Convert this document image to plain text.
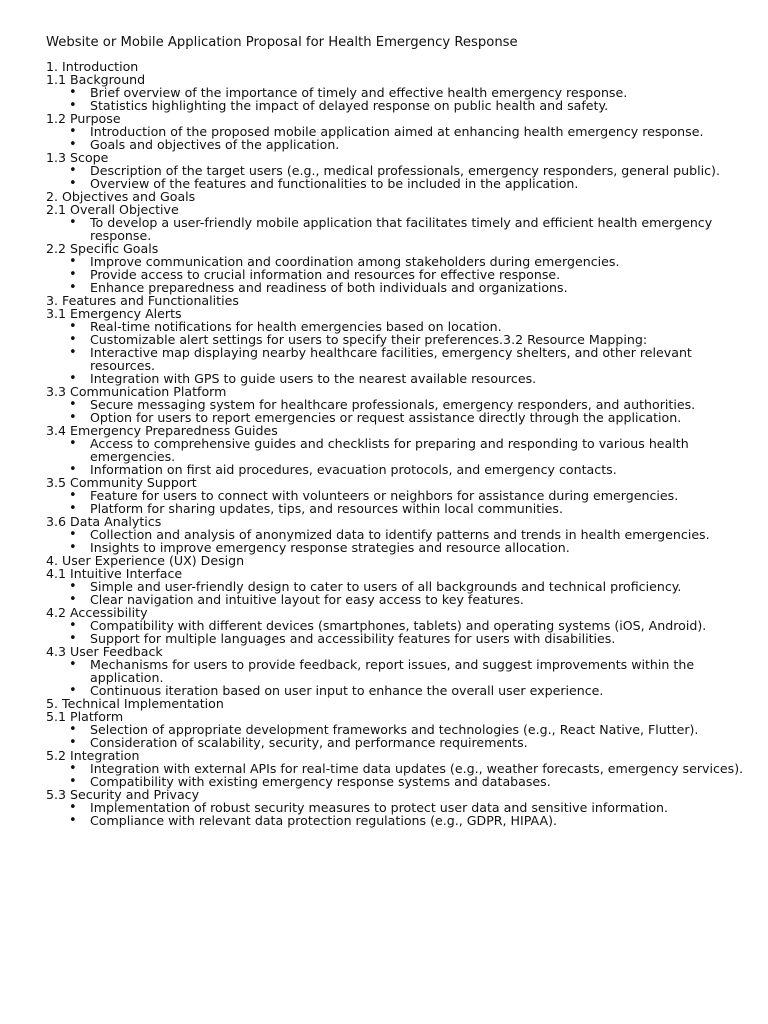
Website or Mobile Application Proposal for Health Emergency Response
1. Introduction
1.1 Background
• Brief overview of the importance of timely and effective health emergency response.
• Statistics highlighting the impact of delayed response on public health and safety.
1.2 Purpose
• Introduction of the proposed mobile application aimed at enhancing health emergency response.
• Goals and objectives of the application.
1.3 Scope
• Description of the target users (e.g., medical professionals, emergency responders, general public).
• Overview of the features and functionalities to be included in the application.
2. Objectives and Goals
2.1 Overall Objective
• To develop a user-friendly mobile application that facilitates timely and efficient health emergency response.
2.2 Specific Goals
• Improve communication and coordination among stakeholders during emergencies.
• Provide access to crucial information and resources for effective response.
• Enhance preparedness and readiness of both individuals and organizations.
3. Features and Functionalities
3.1 Emergency Alerts
• Real-time notifications for health emergencies based on location.
• Customizable alert settings for users to specify their preferences.3.2 Resource Mapping:
• Interactive map displaying nearby healthcare facilities, emergency shelters, and other relevant resources.
• Integration with GPS to guide users to the nearest available resources.
3.3 Communication Platform
• Secure messaging system for healthcare professionals, emergency responders, and authorities.
• Option for users to report emergencies or request assistance directly through the application.
3.4 Emergency Preparedness Guides
• Access to comprehensive guides and checklists for preparing and responding to various health emergencies.
• Information on first aid procedures, evacuation protocols, and emergency contacts.
3.5 Community Support
• Feature for users to connect with volunteers or neighbors for assistance during emergencies.
• Platform for sharing updates, tips, and resources within local communities.
3.6 Data Analytics
• Collection and analysis of anonymized data to identify patterns and trends in health emergencies.
• Insights to improve emergency response strategies and resource allocation.
4. User Experience (UX) Design
4.1 Intuitive Interface
• Simple and user-friendly design to cater to users of all backgrounds and technical proficiency.
• Clear navigation and intuitive layout for easy access to key features.
4.2 Accessibility
• Compatibility with different devices (smartphones, tablets) and operating systems (iOS, Android).
• Support for multiple languages and accessibility features for users with disabilities.
4.3 User Feedback
• Mechanisms for users to provide feedback, report issues, and suggest improvements within the application.
• Continuous iteration based on user input to enhance the overall user experience.
5. Technical Implementation
5.1 Platform
• Selection of appropriate development frameworks and technologies (e.g., React Native, Flutter).
• Consideration of scalability, security, and performance requirements.
5.2 Integration
• Integration with external APIs for real-time data updates (e.g., weather forecasts, emergency services).
• Compatibility with existing emergency response systems and databases.
5.3 Security and Privacy
• Implementation of robust security measures to protect user data and sensitive information.
• Compliance with relevant data protection regulations (e.g., GDPR, HIPAA).
